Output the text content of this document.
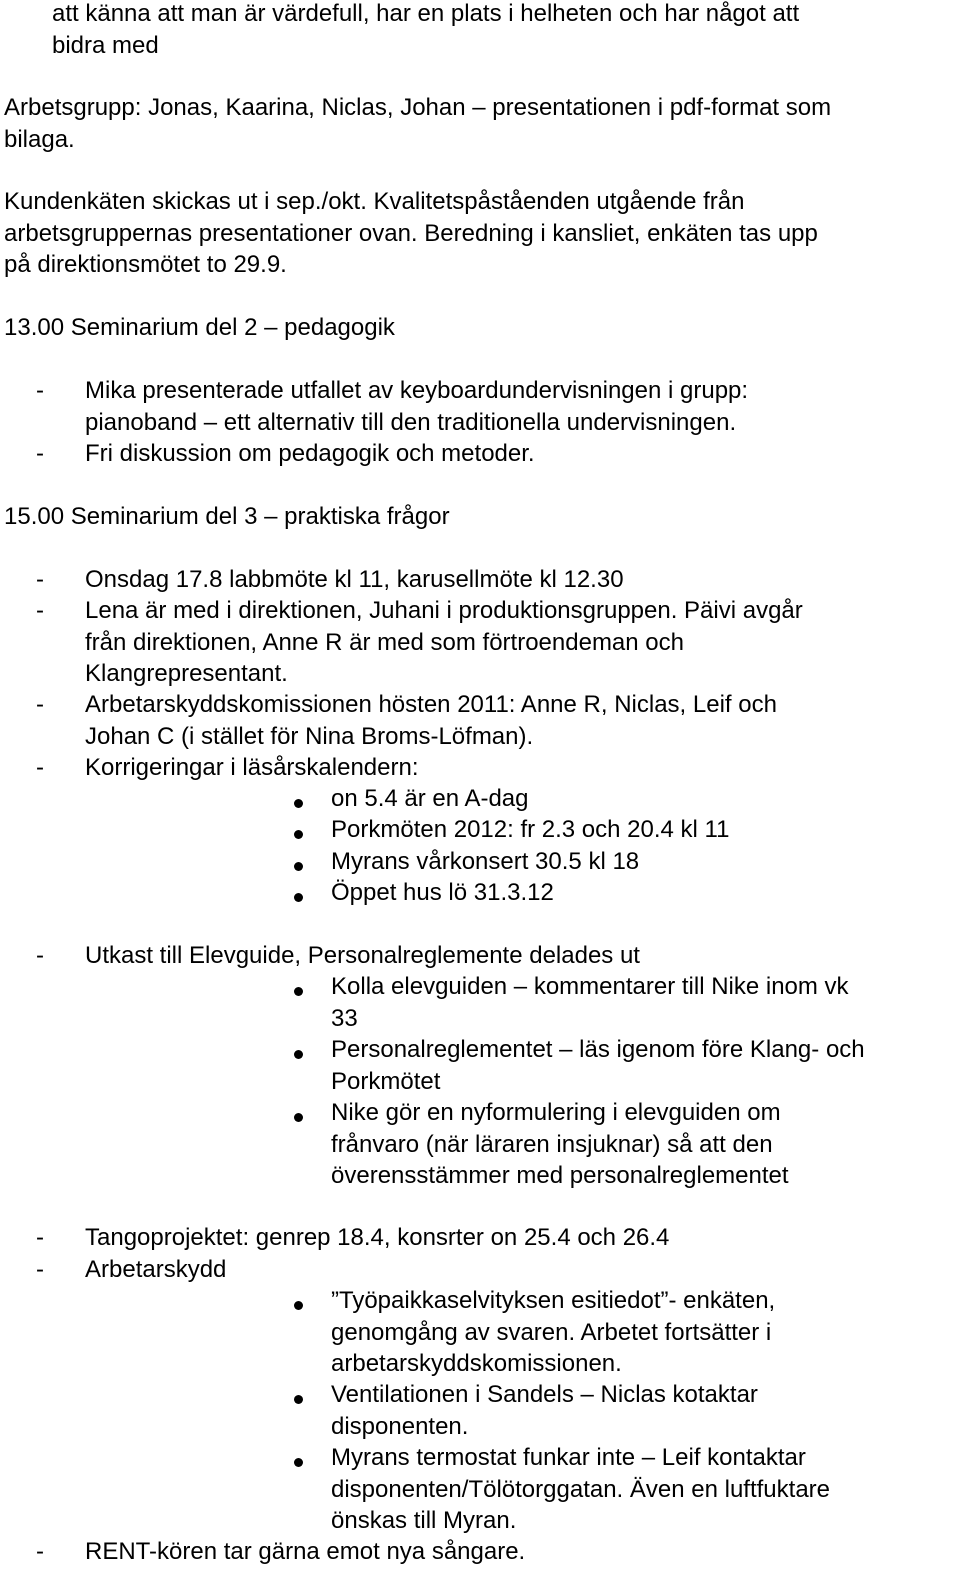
att känna att man är värdefull, har en plats i helheten och har något att
bidra med
Arbetsgrupp: Jonas, Kaarina, Niclas, Johan – presentationen i pdf-format som
bilaga.
Kundenkäten skickas ut i sep./okt. Kvalitetspåståenden utgående från
arbetsgruppernas presentationer ovan. Beredning i kansliet, enkäten tas upp
på direktionsmötet to 29.9.
13.00 Seminarium del 2 – pedagogik
- Mika presenterade utfallet av keyboardundervisningen i grupp:
pianoband – ett alternativ till den traditionella undervisningen.
- Fri diskussion om pedagogik och metoder.
15.00 Seminarium del 3 – praktiska frågor
- Onsdag 17.8 labbmöte kl 11, karusellmöte kl 12.30
- Lena är med i direktionen, Juhani i produktionsgruppen. Päivi avgår
från direktionen, Anne R är med som förtroendeman och
Klangrepresentant.
- Arbetarskyddskomissionen hösten 2011: Anne R, Niclas, Leif och
Johan C (i stället för Nina Broms-Löfman).
- Korrigeringar i läsårskalendern:
on 5.4 är en A-dag
Porkmöten 2012: fr 2.3 och 20.4 kl 11
Myrans vårkonsert 30.5 kl 18
Öppet hus lö 31.3.12
- Utkast till Elevguide, Personalreglemente delades ut
Kolla elevguiden – kommentarer till Nike inom vk
33
Personalreglementet – läs igenom före Klang- och
Porkmötet
Nike gör en nyformulering i elevguiden om
frånvaro (när läraren insjuknar) så att den
överensstämmer med personalreglementet
- Tangoprojektet: genrep 18.4, konsrter on 25.4 och 26.4
- Arbetarskydd
”Työpaikkaselvityksen esitiedot”- enkäten,
genomgång av svaren. Arbetet fortsätter i
arbetarskyddskomissionen.
Ventilationen i Sandels – Niclas kotaktar
disponenten.
Myrans termostat funkar inte – Leif kontaktar
disponenten/Tölötorggatan. Även en luftfuktare
önskas till Myran.
- RENT-kören tar gärna emot nya sångare.
